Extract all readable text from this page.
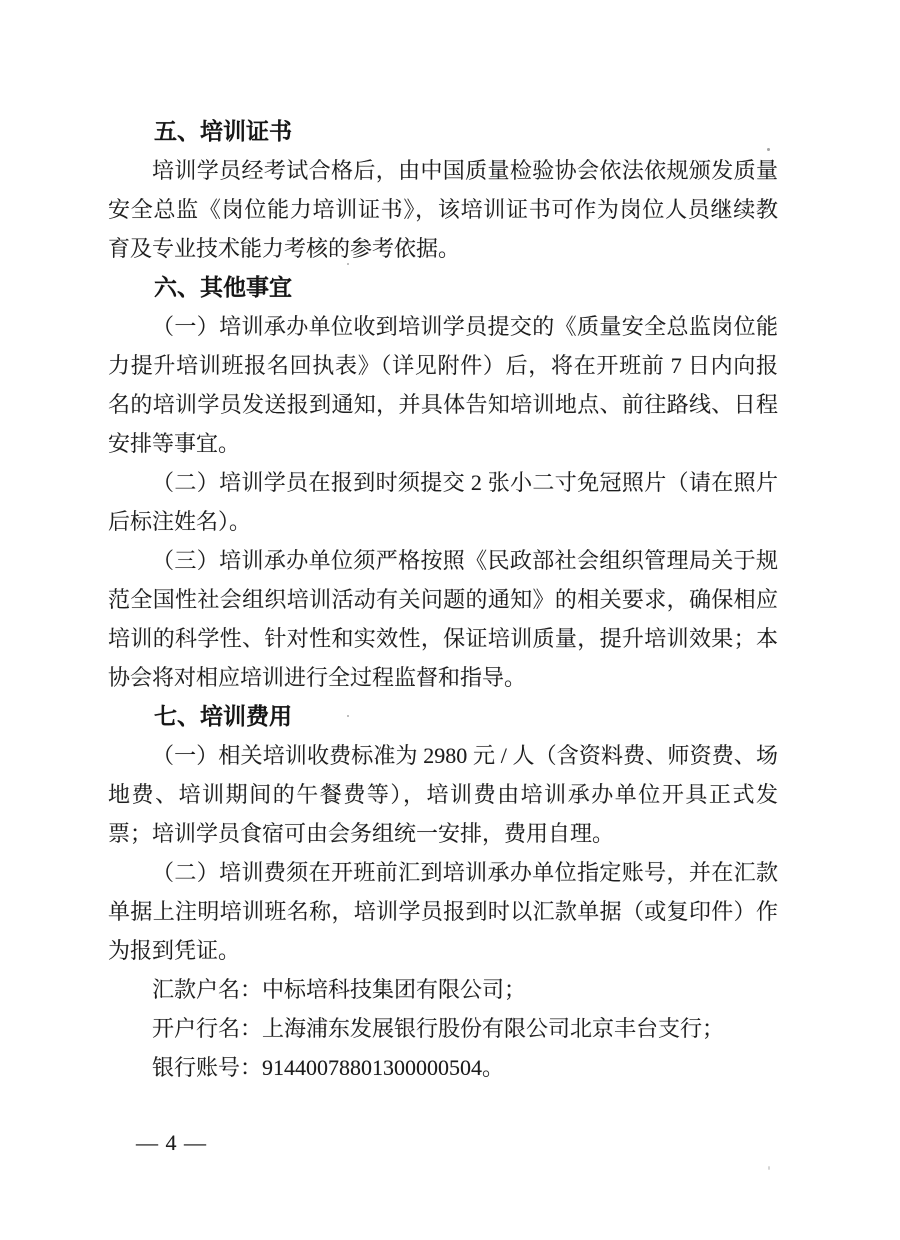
五、培训证书

培训学员经考试合格后，由中国质量检验协会依法依规颁发质量安全总监《岗位能力培训证书》，该培训证书可作为岗位人员继续教育及专业技术能力考核的参考依据。

六、其他事宜

（一）培训承办单位收到培训学员提交的《质量安全总监岗位能力提升培训班报名回执表》（详见附件）后，将在开班前 7 日内向报名的培训学员发送报到通知，并具体告知培训地点、前往路线、日程安排等事宜。

（二）培训学员在报到时须提交 2 张小二寸免冠照片（请在照片后标注姓名）。

（三）培训承办单位须严格按照《民政部社会组织管理局关于规范全国性社会组织培训活动有关问题的通知》的相关要求，确保相应培训的科学性、针对性和实效性，保证培训质量，提升培训效果；本协会将对相应培训进行全过程监督和指导。

七、培训费用

（一）相关培训收费标准为 2980 元 / 人（含资料费、师资费、场地费、培训期间的午餐费等），培训费由培训承办单位开具正式发票；培训学员食宿可由会务组统一安排，费用自理。

（二）培训费须在开班前汇到培训承办单位指定账号，并在汇款单据上注明培训班名称，培训学员报到时以汇款单据（或复印件）作为报到凭证。

汇款户名：中标培科技集团有限公司；

开户行名：上海浦东发展银行股份有限公司北京丰台支行；

银行账号：91440078801300000504。

— 4 —
